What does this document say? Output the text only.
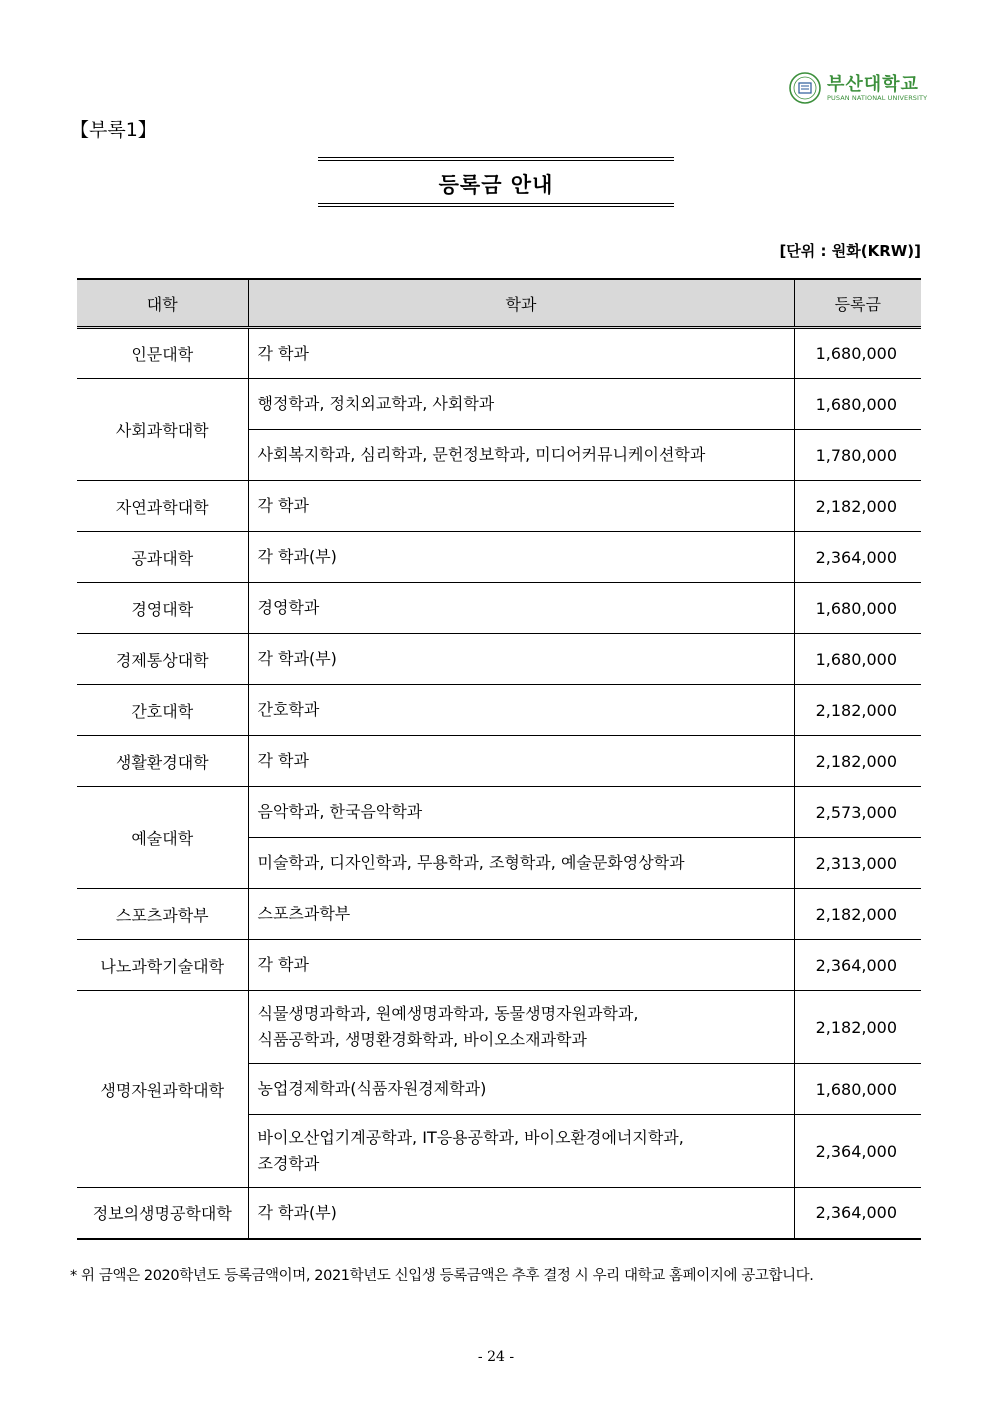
부산대학교
PUSAN NATIONAL UNIVERSITY
【부록1】
등록금 안내
[단위 : 원화(KRW)]
대학	학과	등록금
인문대학	각 학과	1,680,000
사회과학대학	행정학과, 정치외교학과, 사회학과	1,680,000
	사회복지학과, 심리학과, 문헌정보학과, 미디어커뮤니케이션학과	1,780,000
자연과학대학	각 학과	2,182,000
공과대학	각 학과(부)	2,364,000
경영대학	경영학과	1,680,000
경제통상대학	각 학과(부)	1,680,000
간호대학	간호학과	2,182,000
생활환경대학	각 학과	2,182,000
예술대학	음악학과, 한국음악학과	2,573,000
	미술학과, 디자인학과, 무용학과, 조형학과, 예술문화영상학과	2,313,000
스포츠과학부	스포츠과학부	2,182,000
나노과학기술대학	각 학과	2,364,000
생명자원과학대학	식물생명과학과, 원예생명과학과, 동물생명자원과학과,
식품공학과, 생명환경화학과, 바이오소재과학과	2,182,000
	농업경제학과(식품자원경제학과)	1,680,000
	바이오산업기계공학과, IT응용공학과, 바이오환경에너지학과,
조경학과	2,364,000
정보의생명공학대학	각 학과(부)	2,364,000
* 위 금액은 2020학년도 등록금액이며, 2021학년도 신입생 등록금액은 추후 결정 시 우리 대학교 홈페이지에 공고합니다.
- 24 -
